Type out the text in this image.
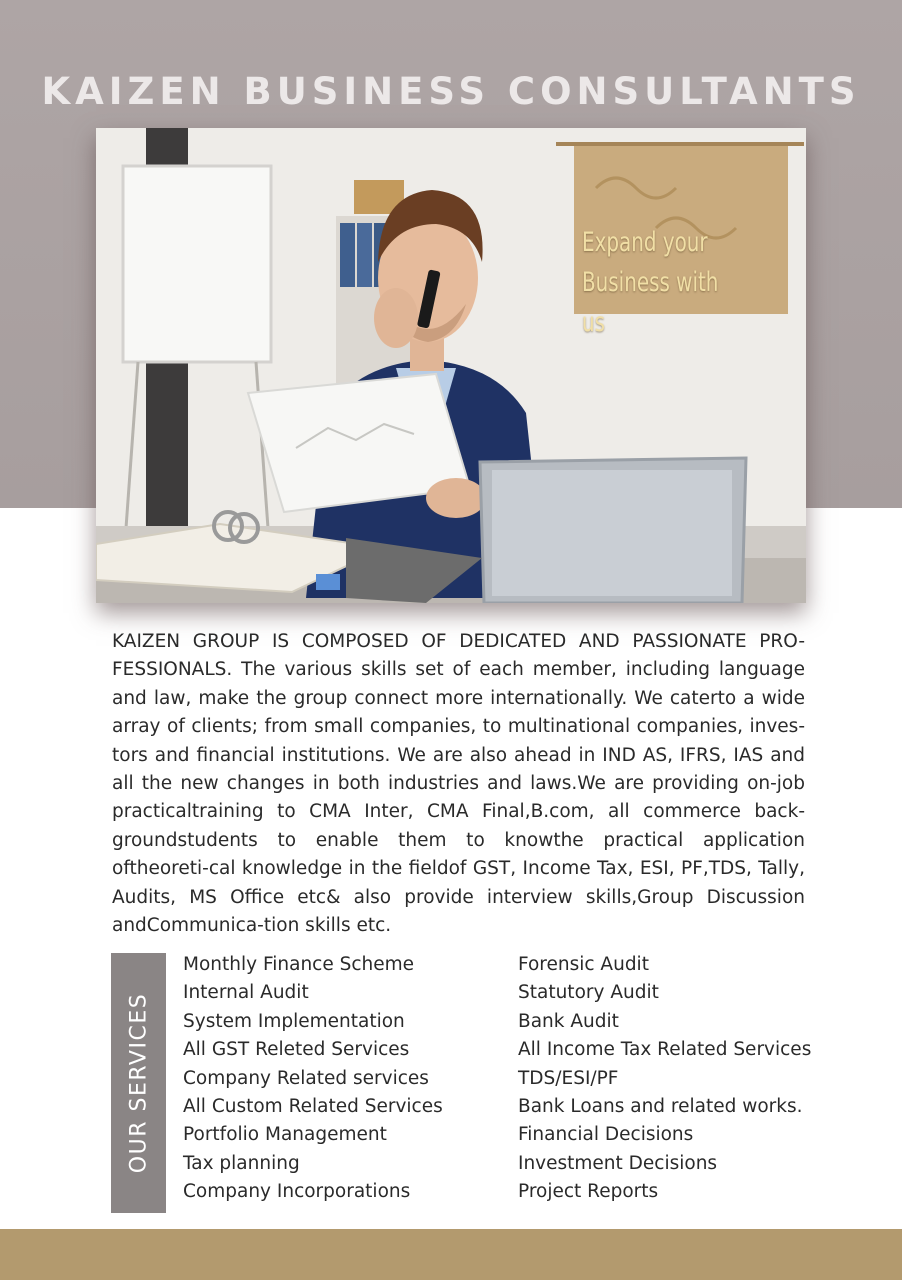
KAIZEN BUSINESS CONSULTANTS
Expand your
Business with us

KAIZEN GROUP IS COMPOSED OF DEDICATED AND PASSIONATE PRO-FESSIONALS. The various skills set of each member, including language and law, make the group connect more internationally. We caterto a wide array of clients; from small companies, to multinational companies, inves-tors and financial institutions. We are also ahead in IND AS, IFRS, IAS and all the new changes in both industries and laws.We are providing on-job practicaltraining to CMA Inter, CMA Final,B.com, all commerce back-groundstudents to enable them to knowthe practical application oftheoreti-cal knowledge in the fieldof GST, Income Tax, ESI, PF,TDS, Tally, Audits, MS Office etc& also provide interview skills,Group Discussion andCommunica-tion skills etc.

OUR SERVICES
Monthly Finance Scheme
Internal Audit
System Implementation
All GST Releted Services
Company Related services
All Custom Related Services
Portfolio Management
Tax planning
Company Incorporations
Forensic Audit
Statutory Audit
Bank Audit
All Income Tax Related Services
TDS/ESI/PF
Bank Loans and related works.
Financial Decisions
Investment Decisions
Project Reports
